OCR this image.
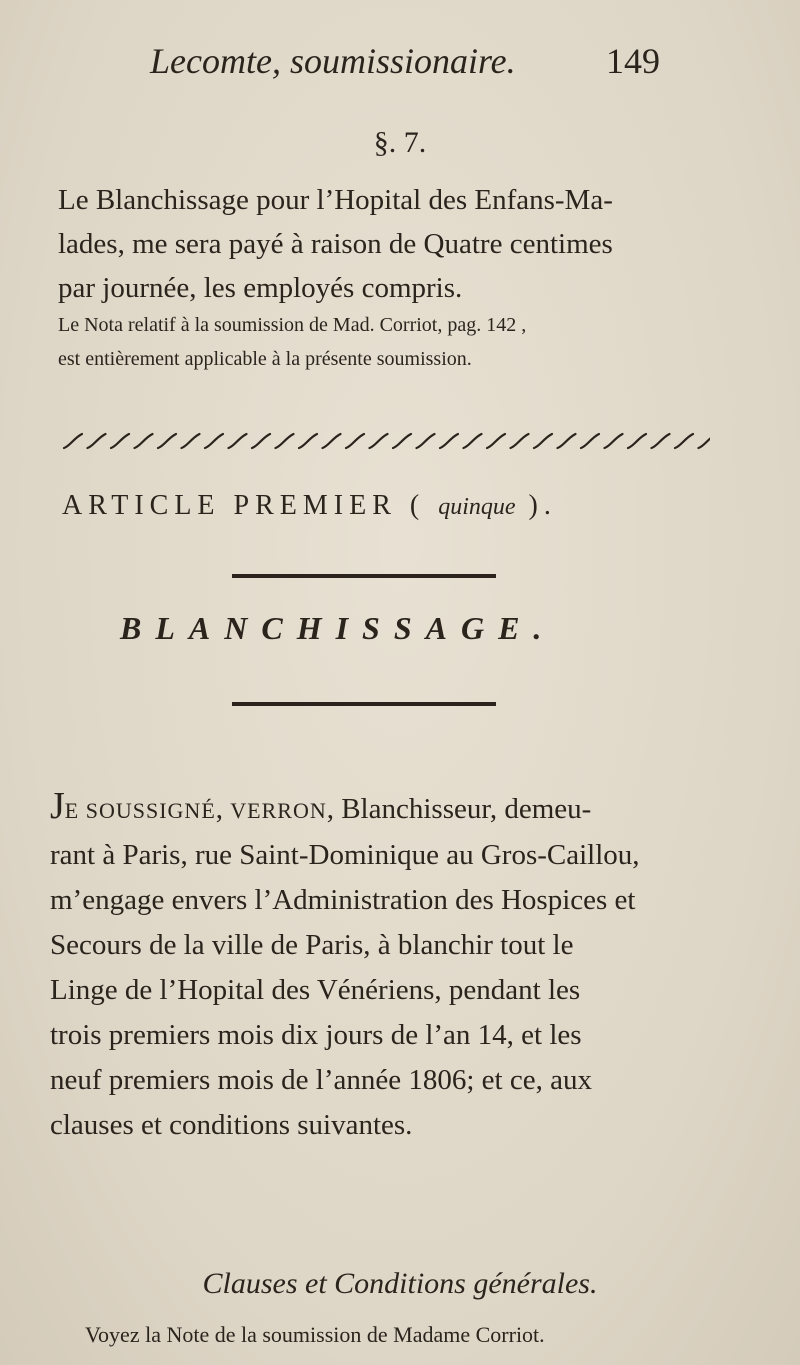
Lecomte, soumissionaire.	149
§. 7.
Le Blanchissage pour l’Hopital des Enfans-Ma-
lades, me sera payé à raison de Quatre centimes
par journée, les employés compris.
Le Nota relatif à la soumission de Mad. Corriot, pag. 142 ,
est entièrement applicable à la présente soumission.
ARTICLE PREMIER ( quinque ).
BLANCHISSAGE.
JE SOUSSIGNÉ, VERRON, Blanchisseur, demeu-
rant à Paris, rue Saint-Dominique au Gros-Caillou,
m’engage envers l’Administration des Hospices et
Secours de la ville de Paris, à blanchir tout le
Linge de l’Hopital des Vénériens, pendant les
trois premiers mois dix jours de l’an 14, et les
neuf premiers mois de l’année 1806; et ce, aux
clauses et conditions suivantes.
Clauses et Conditions générales.
Voyez la Note de la soumission de Madame Corriot.
